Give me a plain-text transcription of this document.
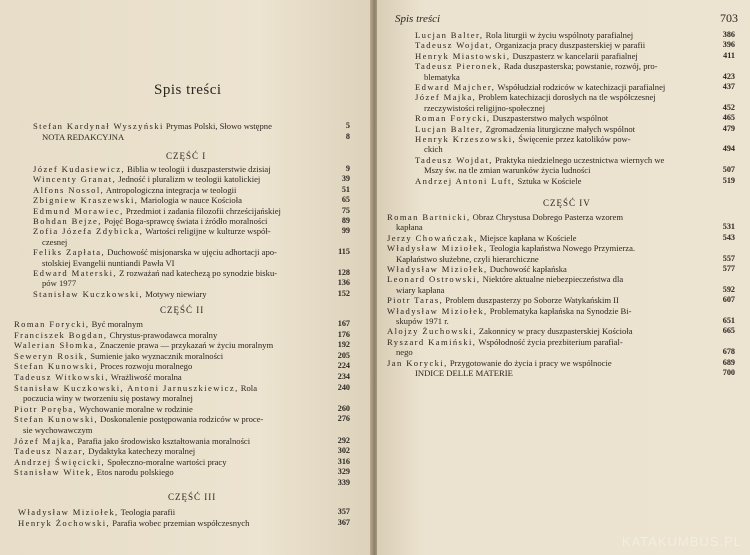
Spis treści
Stefan Kardynał Wyszyński Prymas Polski, Słowo wstępne	5
NOTA REDAKCYJNA	8
CZĘŚĆ I
Józef Kudasiewicz, Biblia w teologii i duszpasterstwie dzisiaj	9
Wincenty Granat, Jedność i pluralizm w teologii katolickiej	39
Alfons Nossol, Antropologiczna integracja w teologii	51
Zbigniew Kraszewski, Mariologia w nauce Kościoła	65
Edmund Morawiec, Przedmiot i zadania filozofii chrześcijańskiej	75
Bohdan Bejze, Pojęć Boga-sprawcę świata i źródło moralności	89
Zofia Józefa Zdybicka, Wartości religijne w kulturze współ-	99
czesnej
Feliks Zapłata, Duchowość misjonarska w ujęciu adhortacji apo-	115
stolskiej Evangelii nuntiandi Pawła VI
Edward Materski, Z rozważań nad katechezą po synodzie bisku-	128
pów 1977	136
Stanisław Kuczkowski, Motywy niewiary	152
CZĘŚĆ II
Roman Forycki, Być moralnym	167
Franciszek Bogdan, Chrystus-prawodawca moralny	176
Walerian Słomka, Znaczenie prawa — przykazań w życiu moralnym	192
Seweryn Rosik, Sumienie jako wyznacznik moralności	205
Stefan Kunowski, Proces rozwoju moralnego	224
Tadeusz Witkowski, Wrażliwość moralna	234
Stanisław Kuczkowski, Antoni Jarnuszkiewicz, Rola	240
poczucia winy w tworzeniu się postawy moralnej
Piotr Poręba, Wychowanie moralne w rodzinie	260
Stefan Kunowski, Doskonalenie postępowania rodziców w proce-	276
sie wychowawczym
Józef Majka, Parafia jako środowisko kształtowania moralności	292
Tadeusz Nazar, Dydaktyka katechezy moralnej	302
Andrzej Święcicki, Społeczno-moralne wartości pracy	316
Stanisław Witek, Etos narodu polskiego	329
339
CZĘŚĆ III
Władysław Miziołek, Teologia parafii	357
Henryk Żochowski, Parafia wobec przemian współczesnych	367
Spis treści	703
Lucjan Balter, Rola liturgii w życiu wspólnoty parafialnej	386
Tadeusz Wojdat, Organizacja pracy duszpasterskiej w parafii	396
Henryk Miastowski, Duszpasterz w kancelarii parafialnej	411
Tadeusz Pieronek, Rada duszpasterska; powstanie, rozwój, pro-
blematyka	423
Edward Majcher, Współudział rodziców w katechizacji parafialnej	437
Józef Majka, Problem katechizacji dorosłych na tle współczesnej
rzeczywistości religijno-społecznej	452
Roman Forycki, Duszpasterstwo małych wspólnot	465
Lucjan Balter, Zgromadzenia liturgiczne małych wspólnot	479
Henryk Krzeszowski, Święcenie przez katolików pow-
ckich	494
Tadeusz Wojdat, Praktyka niedzielnego uczestnictwa wiernych we
Mszy św. na tle zmian warunków życia ludności	507
Andrzej Antoni Luft, Sztuka w Kościele	519
CZĘŚĆ IV
Roman Bartnicki, Obraz Chrystusa Dobrego Pasterza wzorem
kapłana	531
Jerzy Chowańczak, Miejsce kapłana w Kościele	543
Władysław Miziołek, Teologia kapłaństwa Nowego Przymierza.
Kapłaństwo służebne, czyli hierarchiczne	557
Władysław Miziołek, Duchowość kapłańska	577
Leonard Ostrowski, Niektóre aktualne niebezpieczeństwa dla
wiary kapłana	592
Piotr Taras, Problem duszpasterzy po Soborze Watykańskim II	607
Władysław Miziołek, Problematyka kapłańska na Synodzie Bi-
skupów 1971 r.	651
Alojzy Żuchowski, Zakonnicy w pracy duszpasterskiej Kościoła	665
Ryszard Kamiński, Współodność życia prezbiterium parafial-
nego	678
Jan Korycki, Przygotowanie do życia i pracy we wspólnocie	689
INDICE DELLE MATERIE	700
KATAKUMBUS.PL
